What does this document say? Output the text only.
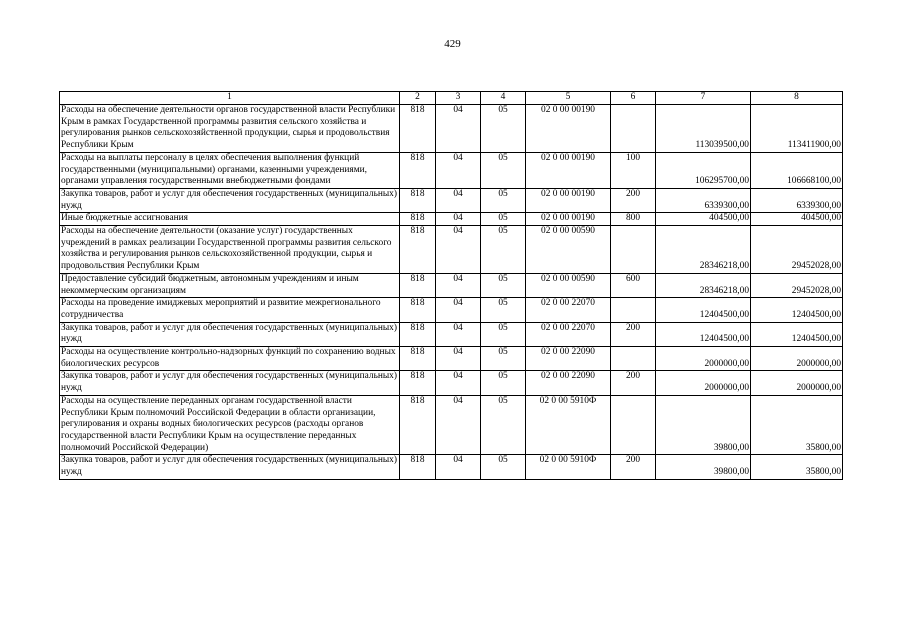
429
1	2	3	4	5	6	7	8
Расходы на обеспечение деятельности органов государственной власти Республики Крым в рамках Государственной программы развития сельского хозяйства и регулирования рынков сельскохозяйственной продукции, сырья и продовольствия Республики Крым	818	04	05	02 0 00 00190		113039500,00	113411900,00
Расходы на выплаты персоналу в целях обеспечения выполнения функций государственными (муниципальными) органами, казенными учреждениями, органами управления государственными внебюджетными фондами	818	04	05	02 0 00 00190	100	106295700,00	106668100,00
Закупка товаров, работ и услуг для обеспечения государственных (муниципальных) нужд	818	04	05	02 0 00 00190	200	6339300,00	6339300,00
Иные бюджетные ассигнования	818	04	05	02 0 00 00190	800	404500,00	404500,00
Расходы на обеспечение деятельности (оказание услуг) государственных учреждений в рамках реализации Государственной программы развития сельского хозяйства и регулирования рынков сельскохозяйственной продукции, сырья и продовольствия Республики Крым	818	04	05	02 0 00 00590		28346218,00	29452028,00
Предоставление субсидий бюджетным, автономным учреждениям и иным некоммерческим организациям	818	04	05	02 0 00 00590	600	28346218,00	29452028,00
Расходы на проведение имиджевых мероприятий и развитие межрегионального сотрудничества	818	04	05	02 0 00 22070		12404500,00	12404500,00
Закупка товаров, работ и услуг для обеспечения государственных (муниципальных) нужд	818	04	05	02 0 00 22070	200	12404500,00	12404500,00
Расходы на осуществление контрольно-надзорных функций по сохранению водных биологических ресурсов	818	04	05	02 0 00 22090		2000000,00	2000000,00
Закупка товаров, работ и услуг для обеспечения государственных (муниципальных) нужд	818	04	05	02 0 00 22090	200	2000000,00	2000000,00
Расходы на осуществление переданных органам государственной власти Республики Крым полномочий Российской Федерации в области организации, регулирования и охраны водных биологических ресурсов (расходы органов государственной власти Республики Крым на осуществление переданных полномочий Российской Федерации)	818	04	05	02 0 00 5910Ф		39800,00	35800,00
Закупка товаров, работ и услуг для обеспечения государственных (муниципальных) нужд	818	04	05	02 0 00 5910Ф	200	39800,00	35800,00
